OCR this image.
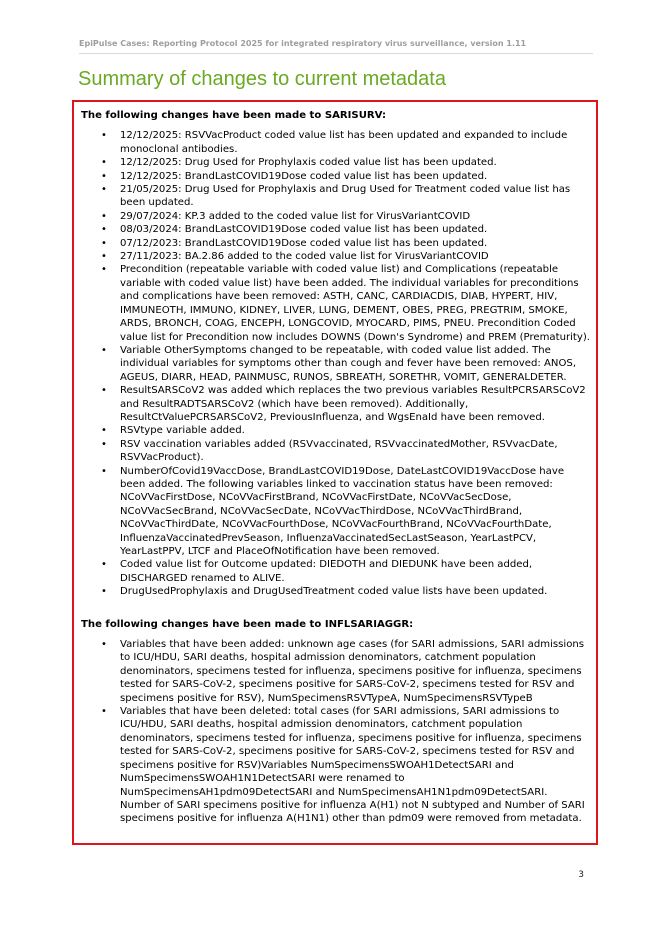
EpiPulse Cases: Reporting Protocol 2025 for integrated respiratory virus surveillance, version 1.11
Summary of changes to current metadata

The following changes have been made to SARISURV:

• 12/12/2025: RSVVacProduct coded value list has been updated and expanded to include monoclonal antibodies.
• 12/12/2025: Drug Used for Prophylaxis coded value list has been updated.
• 12/12/2025: BrandLastCOVID19Dose coded value list has been updated.
• 21/05/2025: Drug Used for Prophylaxis and Drug Used for Treatment coded value list has been updated.
• 29/07/2024: KP.3 added to the coded value list for VirusVariantCOVID
• 08/03/2024: BrandLastCOVID19Dose coded value list has been updated.
• 07/12/2023: BrandLastCOVID19Dose coded value list has been updated.
• 27/11/2023: BA.2.86 added to the coded value list for VirusVariantCOVID
• Precondition (repeatable variable with coded value list) and Complications (repeatable variable with coded value list) have been added. The individual variables for preconditions and complications have been removed: ASTH, CANC, CARDIACDIS, DIAB, HYPERT, HIV, IMMUNEOTH, IMMUNO, KIDNEY, LIVER, LUNG, DEMENT, OBES, PREG, PREGTRIM, SMOKE, ARDS, BRONCH, COAG, ENCEPH, LONGCOVID, MYOCARD, PIMS, PNEU. Precondition Coded value list for Precondition now includes DOWNS (Down's Syndrome) and PREM (Prematurity).
• Variable OtherSymptoms changed to be repeatable, with coded value list added. The individual variables for symptoms other than cough and fever have been removed: ANOS, AGEUS, DIARR, HEAD, PAINMUSC, RUNOS, SBREATH, SORETHR, VOMIT, GENERALDETER.
• ResultSARSCoV2 was added which replaces the two previous variables ResultPCRSARSCoV2 and ResultRADTSARSCoV2 (which have been removed). Additionally, ResultCtValuePCRSARSCoV2, PreviousInfluenza, and WgsEnaId have been removed.
• RSVtype variable added.
• RSV vaccination variables added (RSVvaccinated, RSVvaccinatedMother, RSVvacDate, RSVVacProduct).
• NumberOfCovid19VaccDose, BrandLastCOVID19Dose, DateLastCOVID19VaccDose have been added. The following variables linked to vaccination status have been removed: NCoVVacFirstDose, NCoVVacFirstBrand, NCoVVacFirstDate, NCoVVacSecDose, NCoVVacSecBrand, NCoVVacSecDate, NCoVVacThirdDose, NCoVVacThirdBrand, NCoVVacThirdDate, NCoVVacFourthDose, NCoVVacFourthBrand, NCoVVacFourthDate, InfluenzaVaccinatedPrevSeason, InfluenzaVaccinatedSecLastSeason, YearLastPCV, YearLastPPV, LTCF and PlaceOfNotification have been removed.
• Coded value list for Outcome updated: DIEDOTH and DIEDUNK have been added, DISCHARGED renamed to ALIVE.
• DrugUsedProphylaxis and DrugUsedTreatment coded value lists have been updated.

The following changes have been made to INFLSARIAGGR:

• Variables that have been added: unknown age cases (for SARI admissions, SARI admissions to ICU/HDU, SARI deaths, hospital admission denominators, catchment population denominators, specimens tested for influenza, specimens positive for influenza, specimens tested for SARS-CoV-2, specimens positive for SARS-CoV-2, specimens tested for RSV and specimens positive for RSV), NumSpecimensRSVTypeA, NumSpecimensRSVTypeB
• Variables that have been deleted: total cases (for SARI admissions, SARI admissions to ICU/HDU, SARI deaths, hospital admission denominators, catchment population denominators, specimens tested for influenza, specimens positive for influenza, specimens tested for SARS-CoV-2, specimens positive for SARS-CoV-2, specimens tested for RSV and specimens positive for RSV)Variables NumSpecimensSWOAH1DetectSARI and NumSpecimensSWOAH1N1DetectSARI were renamed to NumSpecimensAH1pdm09DetectSARI and NumSpecimensAH1N1pdm09DetectSARI. Number of SARI specimens positive for influenza A(H1) not N subtyped and Number of SARI specimens positive for influenza A(H1N1) other than pdm09 were removed from metadata.
3
